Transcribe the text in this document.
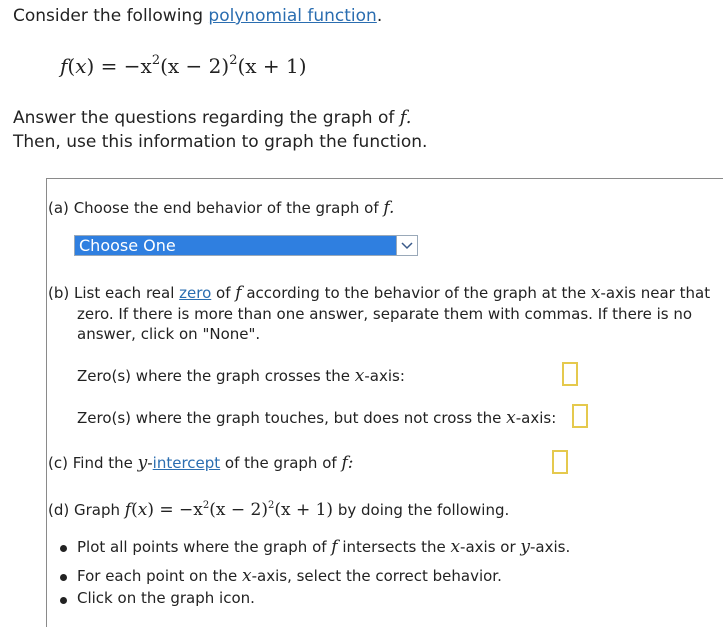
Consider the following polynomial function.
$f(x) = -x^2(x - 2)^2(x + 1)$
Answer the questions regarding the graph of f.
Then, use this information to graph the function.
(a) Choose the end behavior of the graph of f.
Choose One
(b) List each real zero of f according to the behavior of the graph at the x-axis near that
zero. If there is more than one answer, separate them with commas. If there is no
answer, click on "None".
Zero(s) where the graph crosses the x-axis:
Zero(s) where the graph touches, but does not cross the x-axis:
(c) Find the y-intercept of the graph of f:
(d) Graph $f(x) = -x^2(x - 2)^2(x + 1)$ by doing the following.
Plot all points where the graph of f intersects the x-axis or y-axis.
For each point on the x-axis, select the correct behavior.
Click on the graph icon.
